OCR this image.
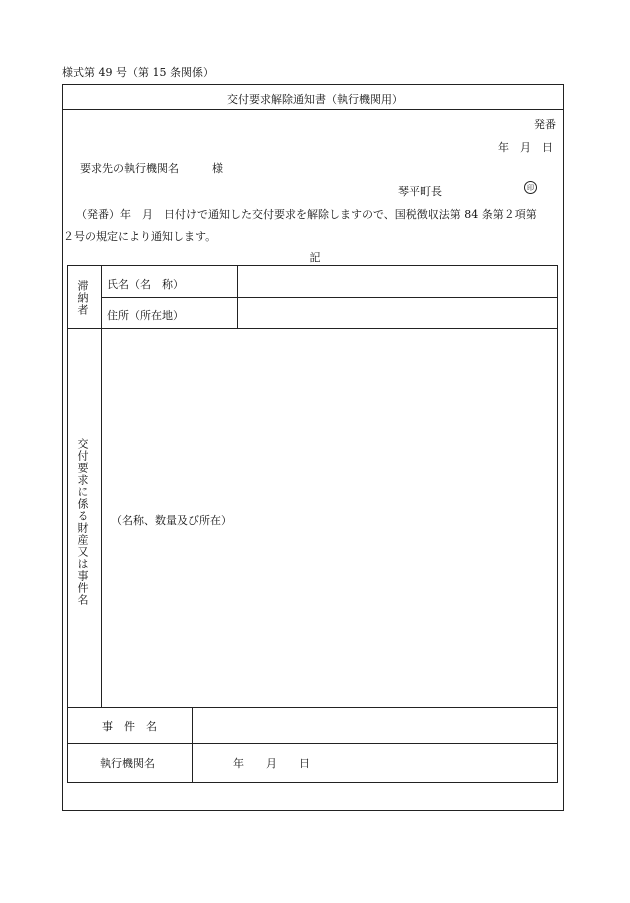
様式第 49 号（第 15 条関係）
交付要求解除通知書（執行機関用）
発番
年　月　日
要求先の執行機関名　　　様
琴平町長	印
（発番）年　月　日付けで通知した交付要求を解除しますので、国税徴収法第 84 条第２項第
２号の規定により通知します。
記
滞納者 氏名（名　称）
住所（所在地）
交付要求に係る財産又は事件名 （名称、数量及び所在）
事　件　名
執行機関名	年　　月　　日
